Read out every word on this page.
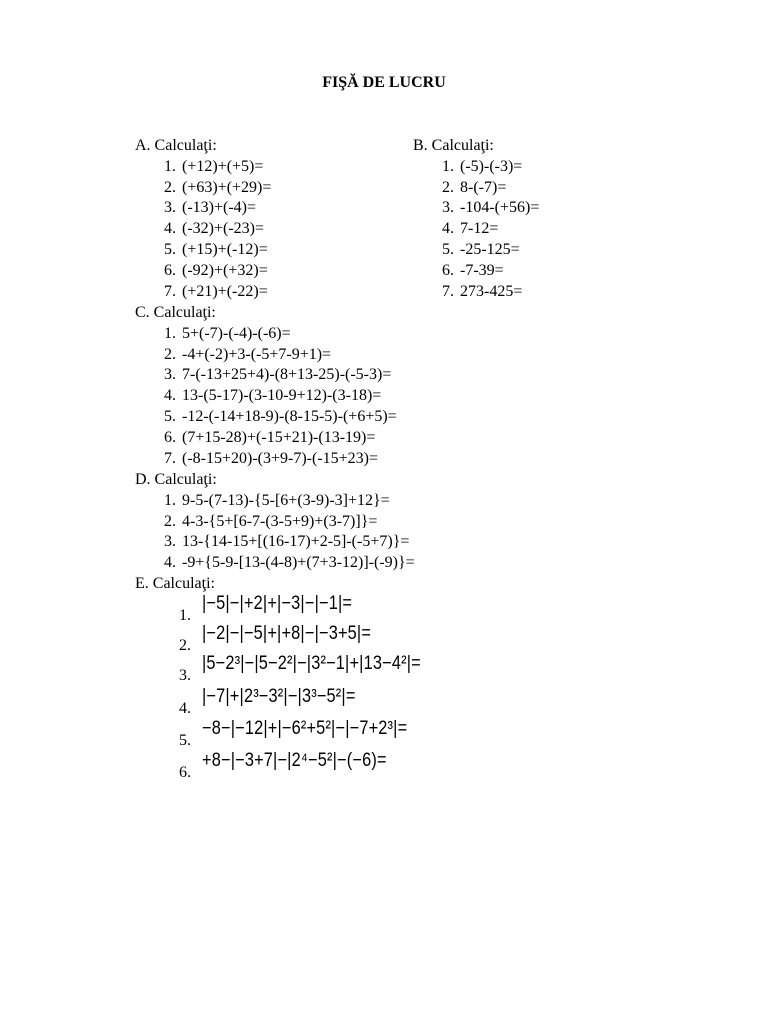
FIŞĂ DE LUCRU
A. Calculaţi:
1. (+12)+(+5)=
2. (+63)+(+29)=
3. (-13)+(-4)=
4. (-32)+(-23)=
5. (+15)+(-12)=
6. (-92)+(+32)=
7. (+21)+(-22)=
B. Calculaţi:
1. (-5)-(-3)=
2. 8-(-7)=
3. -104-(+56)=
4. 7-12=
5. -25-125=
6. -7-39=
7. 273-425=
C. Calculaţi:
1. 5+(-7)-(-4)-(-6)=
2. -4+(-2)+3-(-5+7-9+1)=
3. 7-(-13+25+4)-(8+13-25)-(-5-3)=
4. 13-(5-17)-(3-10-9+12)-(3-18)=
5. -12-(-14+18-9)-(8-15-5)-(+6+5)=
6. (7+15-28)+(-15+21)-(13-19)=
7. (-8-15+20)-(3+9-7)-(-15+23)=
D. Calculaţi:
1. 9-5-(7-13)-{5-[6+(3-9)-3]+12}=
2. 4-3-{5+[6-7-(3-5+9)+(3-7)]}=
3. 13-{14-15+[(16-17)+2-5]-(-5+7)}=
4. -9+{5-9-[13-(4-8)+(7+3-12)]-(-9)}=
E. Calculaţi:
1.
|−5|−|+2|+|−3|−|−1|=
2.
|−2|−|−5|+|+8|−|−3+5|=
3.
|5−2³|−|5−2²|−|3²−1|+|13−4²|=
4.
|−7|+|2³−3²|−|3³−5²|=
5.
−8−|−12|+|−6²+5²|−|−7+2³|=
6.
+8−|−3+7|−|2⁴−5²|−(−6)=
